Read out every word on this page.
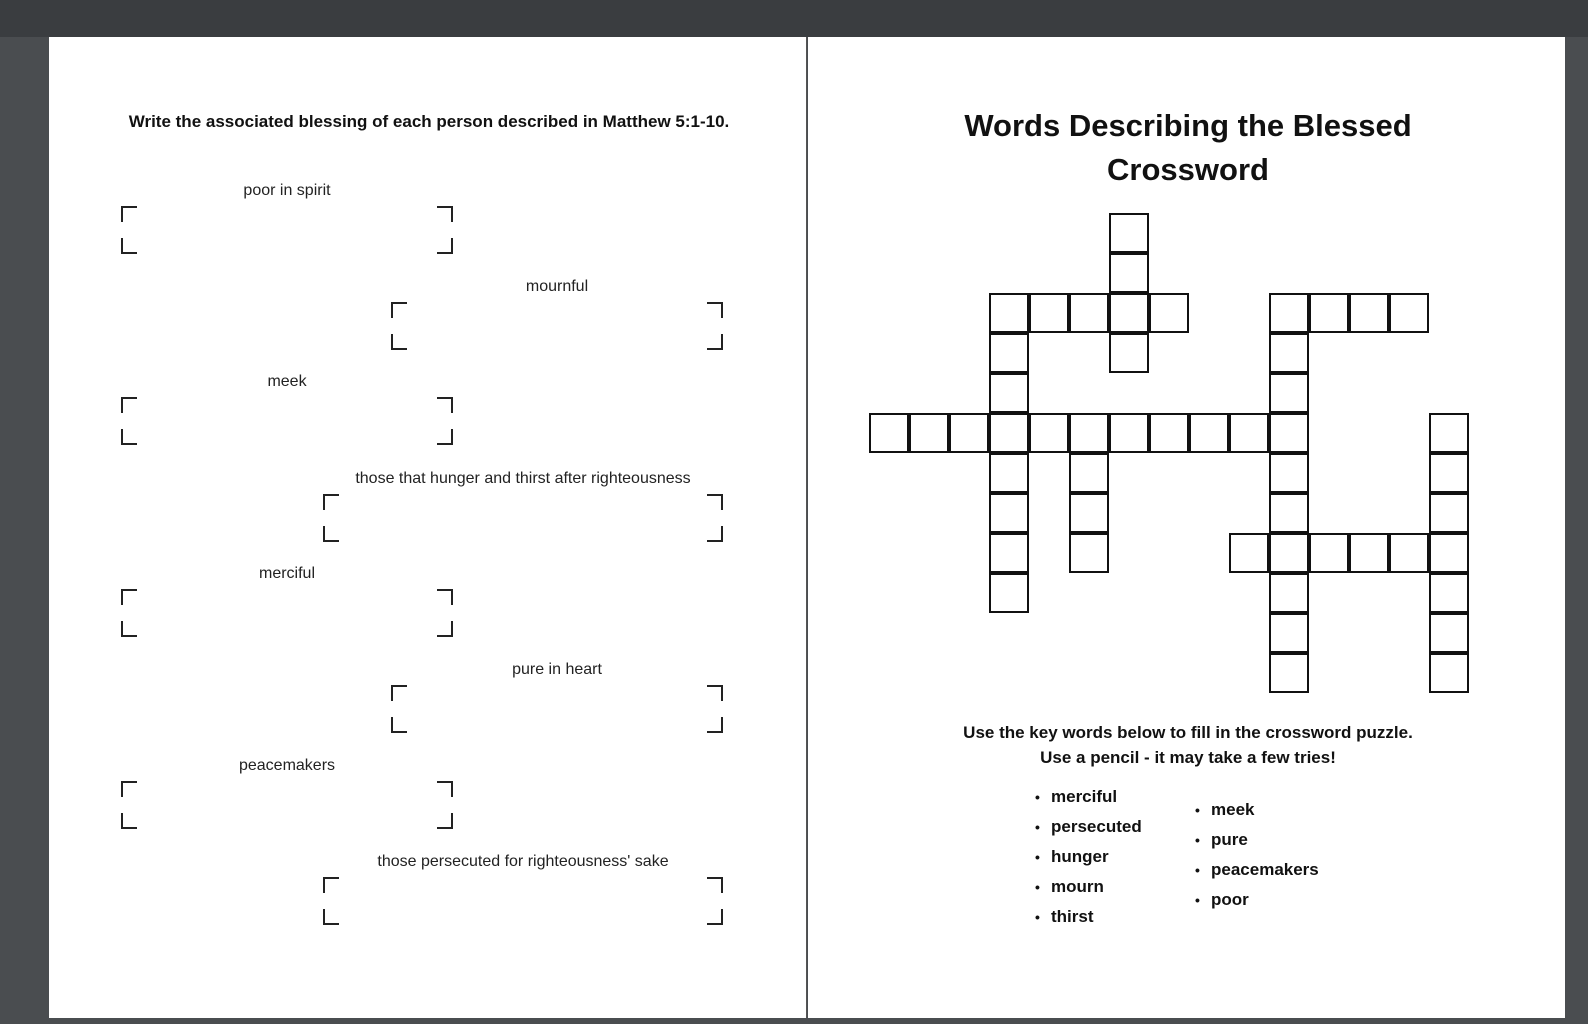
Write the associated blessing of each person described in Matthew 5:1-10.
poor in spirit
mournful
meek
those that hunger and thirst after righteousness
merciful
pure in heart
peacemakers
those persecuted for righteousness' sake
Words Describing the Blessed Crossword
Use the key words below to fill in the crossword puzzle.
Use a pencil - it may take a few tries!
• merciful
• persecuted
• hunger
• mourn
• thirst
• meek
• pure
• peacemakers
• poor
